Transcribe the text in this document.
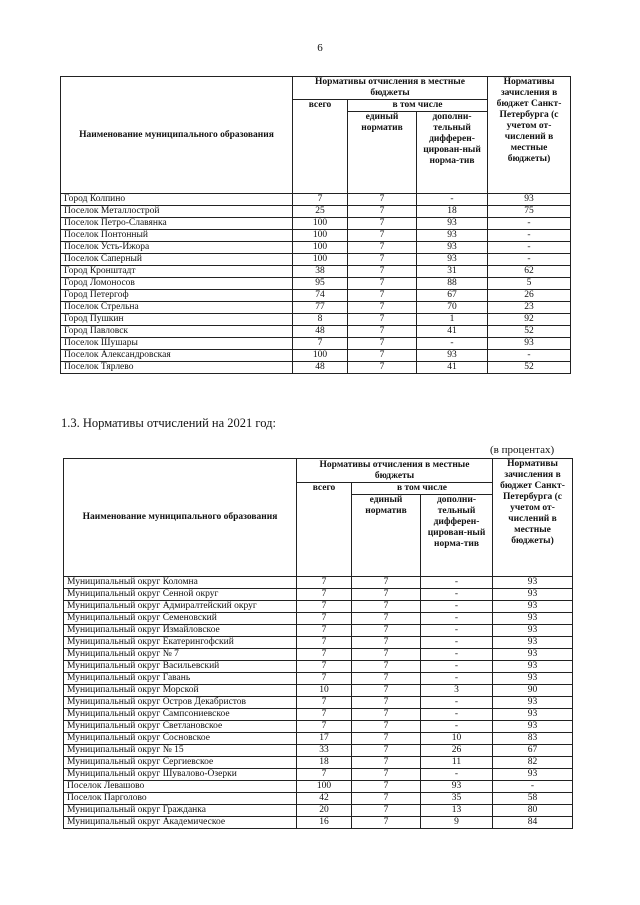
6
Наименование муниципального образования	Нормативы отчисления в местные бюджеты			Нормативы зачисления в бюджет Санкт-Петербурга (с учетом от-числений в местные бюджеты)
	всего	в том числе		
		единый норматив	дополни-тельный дифферен-цирован-ный норма-тив	
Город Колпино	7	7	-	93
Поселок Металлострой	25	7	18	75
Поселок Петро-Славянка	100	7	93	-
Поселок Понтонный	100	7	93	-
Поселок Усть-Ижора	100	7	93	-
Поселок Саперный	100	7	93	-
Город Кронштадт	38	7	31	62
Город Ломоносов	95	7	88	5
Город Петергоф	74	7	67	26
Поселок Стрельна	77	7	70	23
Город Пушкин	8	7	1	92
Город Павловск	48	7	41	52
Поселок Шушары	7	7	-	93
Поселок Александровская	100	7	93	-
Поселок Тярлево	48	7	41	52
1.3. Нормативы отчислений на 2021 год:
(в процентах)
Наименование муниципального образования	Нормативы отчисления в местные бюджеты			Нормативы зачисления в бюджет Санкт-Петербурга (с учетом от-числений в местные бюджеты)
	всего	в том числе		
		единый норматив	дополни-тельный дифферен-цирован-ный норма-тив	
Муниципальный округ Коломна	7	7	-	93
Муниципальный округ Сенной округ	7	7	-	93
Муниципальный округ Адмиралтейский округ	7	7	-	93
Муниципальный округ Семеновский	7	7	-	93
Муниципальный округ Измайловское	7	7	-	93
Муниципальный округ Екатерингофский	7	7	-	93
Муниципальный округ № 7	7	7	-	93
Муниципальный округ Васильевский	7	7	-	93
Муниципальный округ Гавань	7	7	-	93
Муниципальный округ Морской	10	7	3	90
Муниципальный округ Остров Декабристов	7	7	-	93
Муниципальный округ Сампсониевское	7	7	-	93
Муниципальный округ Светлановское	7	7	-	93
Муниципальный округ Сосновское	17	7	10	83
Муниципальный округ № 15	33	7	26	67
Муниципальный округ Сергиевское	18	7	11	82
Муниципальный округ Шувалово-Озерки	7	7	-	93
Поселок Левашово	100	7	93	-
Поселок Парголово	42	7	35	58
Муниципальный округ Гражданка	20	7	13	80
Муниципальный округ Академическое	16	7	9	84
